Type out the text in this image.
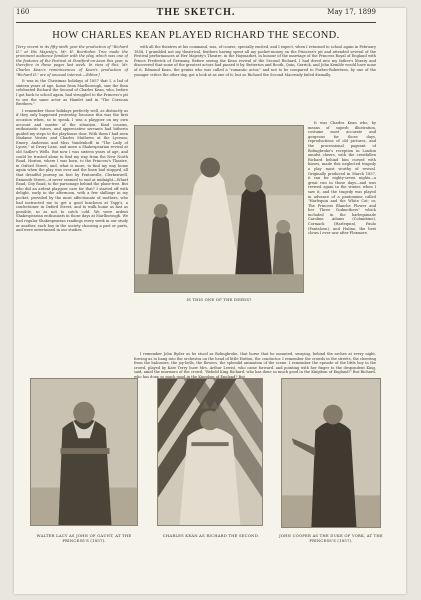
160	THE SKETCH.	May 17, 1899
HOW CHARLES KEAN PLAYED RICHARD THE SECOND.

[Very recent in its fifty-ninth year the production of "Richard II." at His Majesty's, Mr. H. Beerbohm Tree made the prominent audience familiar with the play, which was one of the features of the Festival at Stratford-on-Avon this year, is therefore in these pages last week. In view of this, Mr. Charles Kean's reminiscences of Kean's production of "Richard II." are of unusual interest.—Editor.]

It was in the Christmas holidays of 1857 that I, a lad of sixteen years of age, home from Marlborough, saw the then celebrated Richard the Second of Charles Kean, who, before I got back to school again, had struggled to the Princess's pit to see the same actor as Hamlet and in "The Corsican Brothers."

I remember those holidays perfectly well, as distinctly as if they only happened yesterday, because this was the first occasion when, so to speak, I was a playgoer on my own account and master of the situation. Kind cousins, enthusiastic tutors, and appreciative servants had hitherto guided my steps to the playhouse door. With them I had seen Madame Vestris and Charles Mathews at the Lyceum; Emery, Anderson and Miss Vandenhoff, in "The Lady of Lyons," at Drury Lane, and more a Shakespearian revival at old Sadler's Wells. But now I was sixteen years of age, and could be trusted alone to find my way from the New North Road, Hoxton, where I was born, to the Princess's Theatre, in Oxford Street; and, what is more, to find my way home again when the play was over and the linen had stopped, all that dreadful journey on foot by Pentonville, Clerkenwell, Exmouth Street—it never seemed to end at midnight—Wharf Road, City Road, to the parsonage behind the plane-tree. But who did an ardent playgoer care for that? I started off with delight, early in the afternoon, with a few shillings in my pocket, provided by the most affectionate of mothers, who had instructed me to get a good luncheon at Tapp's, a confectioner in Oxford Street, and to walk home as fast as possible, so as not to catch cold. We were ardent Shakespearian enthusiasts in those days at Marlborough. We had regular Shakespearian readings every week in our study or another, each boy in the society choosing a part or parts, and were entertained in our studies.

with all the theatres at his command, was, of course, specially excited, and I expect, when I returned to school again in February 1858, I grumbled not my theatrical, feathers having spent all my pocket-money on the Princess's pit and attended several of the Festival performances at Her Majesty's Theatre, in the Haymarket, in honour of the marriage of the Princess Royal of England with Prince Frederick of Germany. Before seeing the Kean revival of the Second Richard, I had dived into my father's library and discovered that some of the greatest actors had passed it by. Betterton and Booth, Quin, Garrick, and John Kemble would have none of it. Edmund Kean, the genius who was called a "romantic actor," and not to be compared to Forbes-Robertson, by one of the younger critics the other day, got a look at as one of it; but so Richard the Second Macready failed dismally.

It was Charles Kean who, by means of superb illustration, costume most accurate and gorgeous for those days, reproductions of old pictures, and the processional pageant of Bolingbroke's reception in London amidst cheers, with the crestfallen Richard behind him cursed with hisses, made this neglected tragedy a play most worthy of revival. Originally produced in March 1857, it ran for eighty-seven nights—a great run in those days—and was revived again in the winter, when I saw it, and the tragedy was played in advance of a pantomime called "Harlequin and the White Cat; or, The Princess Blanche Flower and her Three Godmothers" which included in the harlequinade Caroline Adams (Columbine), Cormack (Harlequin), Paulo (Pantaloon), and Huline, the best clown I ever saw after Flexmore.

IS THIS ONE OF THE DEEDS?

I remember John Ryder as he stood as Bolingbroke, that horse that he mounted, swaying, behind the arches at every night, forcing us to bang into the orchestra on the head of little Hutton, the conductor. I remember the crowds in the streets, the cheering from the balconies, the joy-bells, the flowers, the splendid animation of the scene. I remember the episode of the little boy in the crowd, played by Kate Terry (now Mrs. Arthur Lewis), who came forward, and pointing with her finger to the despondent King, said, amid the murmurs of the crowd, "Behold King Richard, who has done so much good in the Kingdom of England!" But Richard, who has done so much good in the Kingdom of England? But

WALTER LACY AS JOHN OF GAUNT, AT THE PRINCESS'S (1857).
CHARLES KEAN AS RICHARD THE SECOND.	JOHN COOPER AS THE DUKE OF YORK, AT THE PRINCESS'S (1857).
